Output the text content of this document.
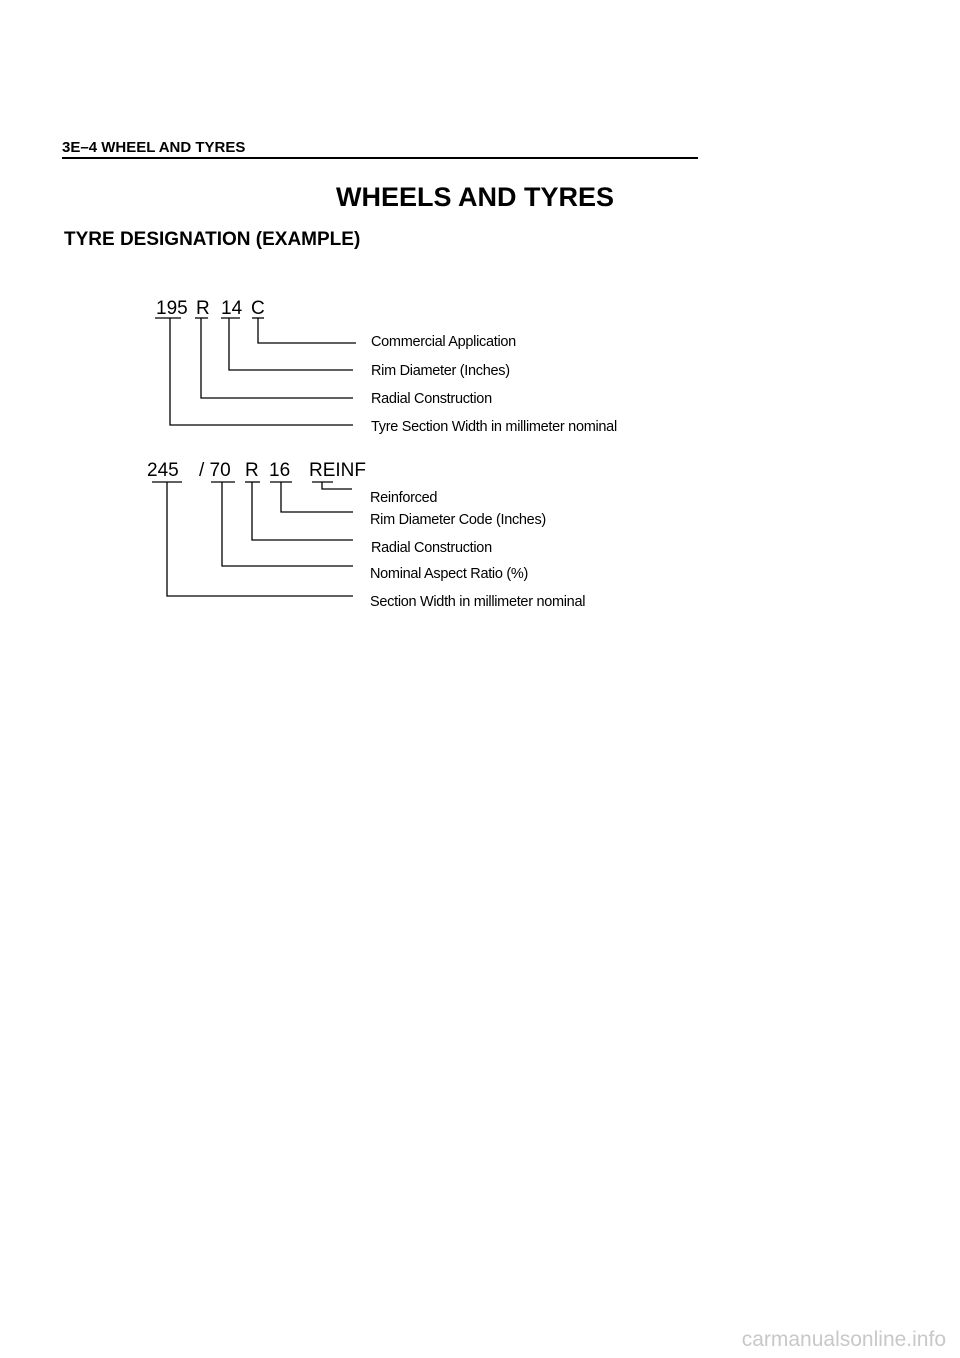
3E–4 WHEEL AND TYRES
WHEELS AND TYRES
TYRE DESIGNATION (EXAMPLE)
195 R 14 C
Commercial Application
Rim Diameter (Inches)
Radial Construction
Tyre Section Width in millimeter nominal
245 / 70 R 16 REINF
Reinforced
Rim Diameter Code (Inches)
Radial Construction
Nominal Aspect Ratio (%)
Section Width in millimeter nominal
carmanualsonline.info
